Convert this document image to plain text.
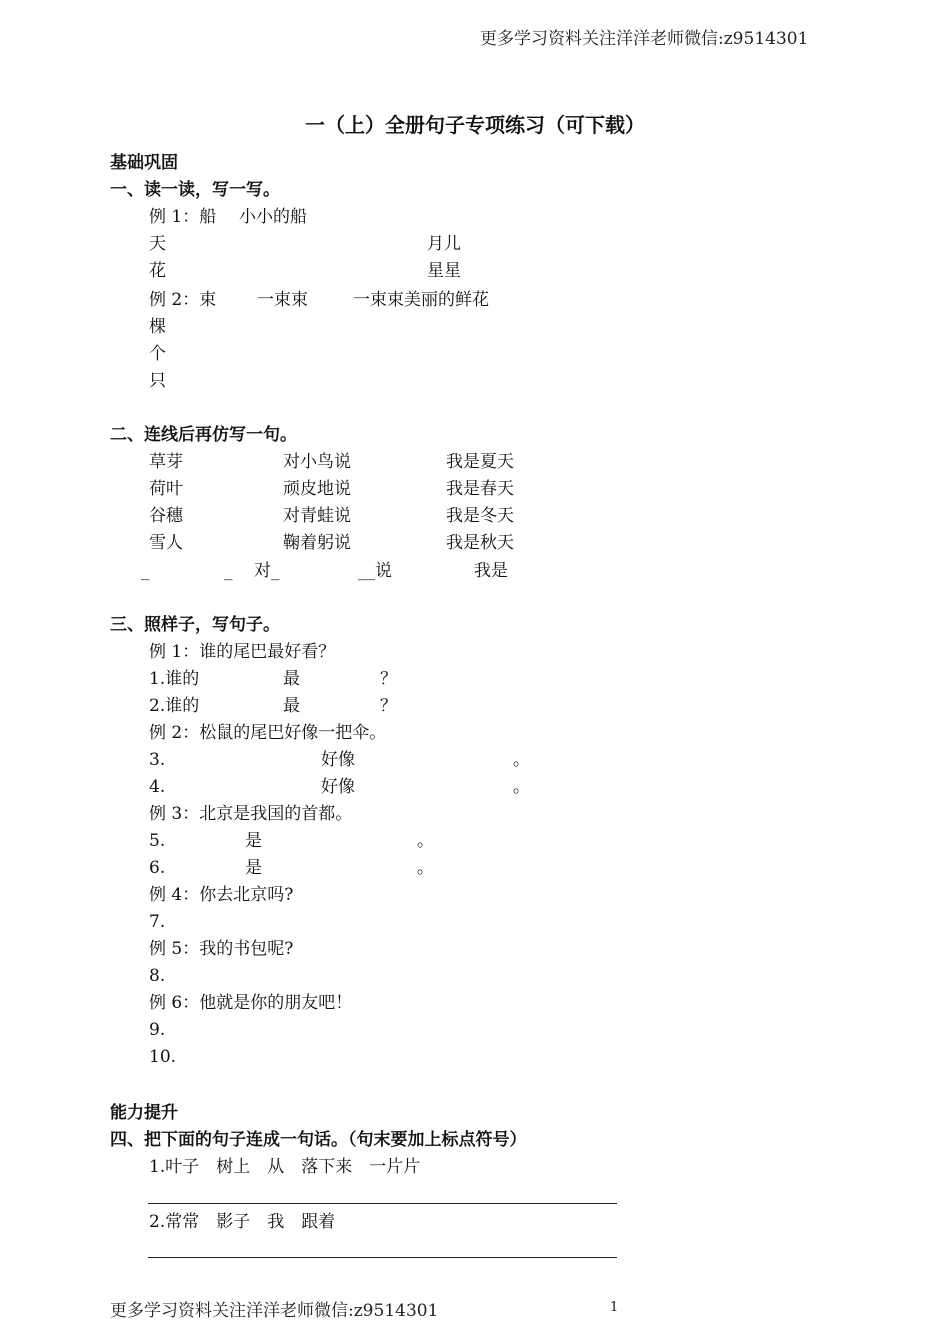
更多学习资料关注洋洋老师微信:z9514301
一（上）全册句子专项练习（可下载）
基础巩固
一、读一读，写一写。
例 1：船 小小的船
天	月儿
花	星星
例 2：束 一束束	一束束美丽的鲜花
棵
个
只
二、连线后再仿写一句。
草芽	对小鸟说	我是夏天
荷叶	顽皮地说	我是春天
谷穗	对青蛙说	我是冬天
雪人	鞠着躬说	我是秋天
_	_ 对_	__说	我是
三、照样子，写句子。
例 1：谁的尾巴最好看？
1.谁的	最	？
2.谁的	最	？
例 2：松鼠的尾巴好像一把伞。
3.	好像	。
4.	好像	。
例 3：北京是我国的首都。
5.	是	。
6.	是	。
例 4：你去北京吗?
7.
例 5：我的书包呢?
8.
例 6：他就是你的朋友吧！
9.
10.
能力提升
四、把下面的句子连成一句话。（句末要加上标点符号）
1.叶子　树上　从　落下来　一片片
2.常常　影子　我　跟着
更多学习资料关注洋洋老师微信:z9514301	1
